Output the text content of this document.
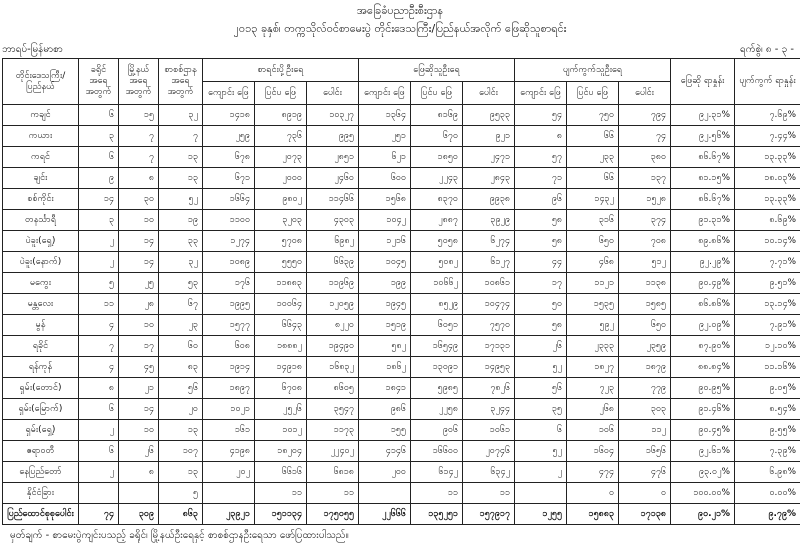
အခြေခံပညာဦးစီးဌာန
၂၀၁၃ ခုနှစ်၊ တက္ကသိုလ်ဝင်စာမေးပွဲ တိုင်းဒေသကြီး/ပြည်နယ်အလိုက် ဖြေဆိုသူစာရင်း
ဘာရပ်-မြန်မာစာ	ရက်စွဲ၊ ၈ - ၃ -
တိုင်းဒေသကြီး/ ပြည်နယ်	ခရိုင် အရေ အတွက်	မြို့နယ် အရေ အတွက်	စာစစ်ဌာန အရေ အတွက်	စာရင်းပို့ဦးရေ			ဖြေဆိုသူဦးရေ			ပျက်ကွက်သူဦးရေ			ဖြေဆို ရာနှုန်း	ပျက်ကွက် ရာနှုန်း
				ကျောင်း ဖြေ	ပြင်ပ ဖြေ	ပေါင်း	ကျောင်း ဖြေ	ပြင်ပ ဖြေ	ပေါင်း	ကျောင်း ဖြေ	ပြင်ပ ဖြေ	ပေါင်း		
ကချင်	၆	၁၅	၃၂	၁၄၁၈	၈၉၁၉	၁၀၃၂၇	၁၃၆၄	၈၁၆၉	၉၅၃၃	၅၄	၇၅၀	၇၉၄	၉၂.၃၁%	၇.၆၉%
ကယား	၃	၇	၇	၂၅၉	၇၃၆	၉၉၅	၂၅၁	၆၇၀	၉၂၁	၈	၆၆	၇၄	၉၂.၅၆%	၇.၄၄%
ကရင်	၆	၇	၁၃	၆၇၈	၂၀၇၃	၂၈၅၁	၆၂၁	၁၈၅၀	၂၄၇၁	၅၇	၂၃၃	၃၈၀	၈၆.၆၇%	၁၃.၃၃%
ချင်း	၉	၈	၁၃	၆၇၁	၂၀၀၀	၂၄၆၀	၆၀၀	၂၂၄၃	၂၈၄၃	၇၁	၆၆	၁၃၇	၈၁.၁၅%	၁၈.၀၃%
စစ်ကိုင်း	၁၄	၃၀	၅၂	၁၆၆၄	၉၈၀၂	၁၁၄၆၆	၁၅၆၈	၈၃၇၀	၉၉၃၈	၉၆	၁၄၃၂	၁၅၂၈	၈၆.၆၇%	၁၃.၃၃%
တနင်္သာရီ	၃	၁၀	၁၉	၁၁၀၀	၃၂၀၃	၄၃၀၃	၁၀၄၂	၂၈၈၇	၃၉၂၉	၅၈	၃၁၆	၃၇၄	၉၁.၃၁%	၈.၆၉%
ပဲခူး(ရှေ့)	၂	၁၄	၃၃	၁၂၇၄	၅၇၀၈	၆၉၈၂	၁၂၁၆	၅၀၅၈	၆၂၇၄	၅၈	၆၅၀	၇၀၈	၈၉.၈၆%	၁၀.၁၄%
ပဲခူး(နောက်)	၂	၁၄	၃၂	၁၀၈၉	၅၅၅၀	၆၆၃၉	၁၀၄၅	၅၀၈၂	၆၁၂၇	၄၄	၄၆၈	၅၁၂	၉၂.၂၉%	၇.၇၁%
မကွေး	၅	၂၅	၅၃	၁၇၆	၁၁၈၈၃	၁၁၉၆၉	၁၉၉	၁၀၆၆၂	၁၀၈၆၁	၁၇	၁၁၂၁	၁၁၃၈	၉၀.၄၉%	၉.၅၁%
မန္တလေး	၁၁	၂၈	၆၇	၁၉၉၅	၁၀၀၆၄	၁၂၀၅၉	၁၉၄၅	၈၅၂၉	၁၀၄၇၄	၅၀	၁၅၃၅	၁၅၈၅	၈၆.၈၆%	၁၃.၁၄%
မွန်	၄	၁၀	၂၃	၁၅၇၇	၆၆၄၃	၈၂၂၀	၁၅၁၉	၆၀၅၁	၇၅၇၀	၅၈	၅၉၂	၆၅၀	၉၂.၀၉%	၇.၉၁%
ရခိုင်	၇	၁၇	၆၀	၆၀၈	၁၈၈၈၂	၁၉၄၉၀	၅၈၂	၁၆၅၄၉	၁၇၁၃၁	၂၆	၂၃၃၃	၂၃၅၉	၈၇.၉၀%	၁၂.၁၀%
ရန်ကုန်	၄	၄၅	၈၃	၁၉၁၄	၁၄၉၁၈	၁၆၈၃၂	၁၈၆၂	၁၃၀၉၁	၁၄၉၅၃	၅၂	၁၈၂၇	၁၈၇၉	၈၈.၈၄%	၁၁.၁၆%
ရှမ်း(တောင်)	၈	၂၁	၅၆	၁၈၉၇	၆၇၀၈	၈၆၀၅	၁၈၄၁	၅၉၈၅	၇၈၂၆	၅၆	၇၂၃	၇၇၉	၉၀.၉၅%	၉.၀၅%
ရှမ်း(မြောက်)	၆	၁၄	၂၀	၁၀၂၁	၂၅၂၆	၃၅၄၇	၉၈၆	၂၂၅၈	၃၂၄၄	၃၅	၂၆၈	၃၀၃	၉၁.၄၆%	၈.၅၄%
ရှမ်း(ရှေ့)	၂	၁၀	၁၃	၁၆၁	၁၀၁၂	၁၁၇၃	၁၅၅	၉၀၆	၁၀၆၁	၆	၁၀၆	၁၁၂	၉၀.၄၅%	၉.၅၅%
ဧရာဝတီ	၆	၂၆	၁၀၇	၄၁၉၈	၁၈၂၀၄	၂၂၄၀၂	၄၁၄၆	၁၆၆၀၀	၂၀၇၄၆	၅၂	၁၆၀၄	၁၆၅၆	၉၂.၆၁%	၇.၃၉%
နေပြည်တော်	၂	၈	၁၃	၂၀၂	၆၆၁၆	၆၈၁၈	၂၀၀	၆၁၄၂	၆၃၄၂	၂	၄၇၄	၄၇၆	၉၃.၀၂%	၆.၉၈%
နိုင်ငံခြား			၅		၁၁	၁၁		၁၁	၁၁		၀	၀	၁၀၀.၀၀%	၀.၀၀%
ပြည်ထောင်စုစုပေါင်း	၇၄	၃၀၉	၈၆၃	၂၃၉၂၁	၁၅၁၁၃၄	၁၇၅၀၅၅	၂၂၆၆၆	၁၃၅၂၅၁	၁၅၇၉၁၇	၁၂၅၅	၁၅၈၈၃	၁၇၁၃၈	၉၀.၂၁%	၉.၇၉%
မှတ်ချက် - စာမေးပွဲကျင်းပသည့် ခရိုင်၊ မြို့နယ်ဦးရေနှင့် စာစစ်ဌာနဦးရေသာ ဖော်ပြထားပါသည်။
